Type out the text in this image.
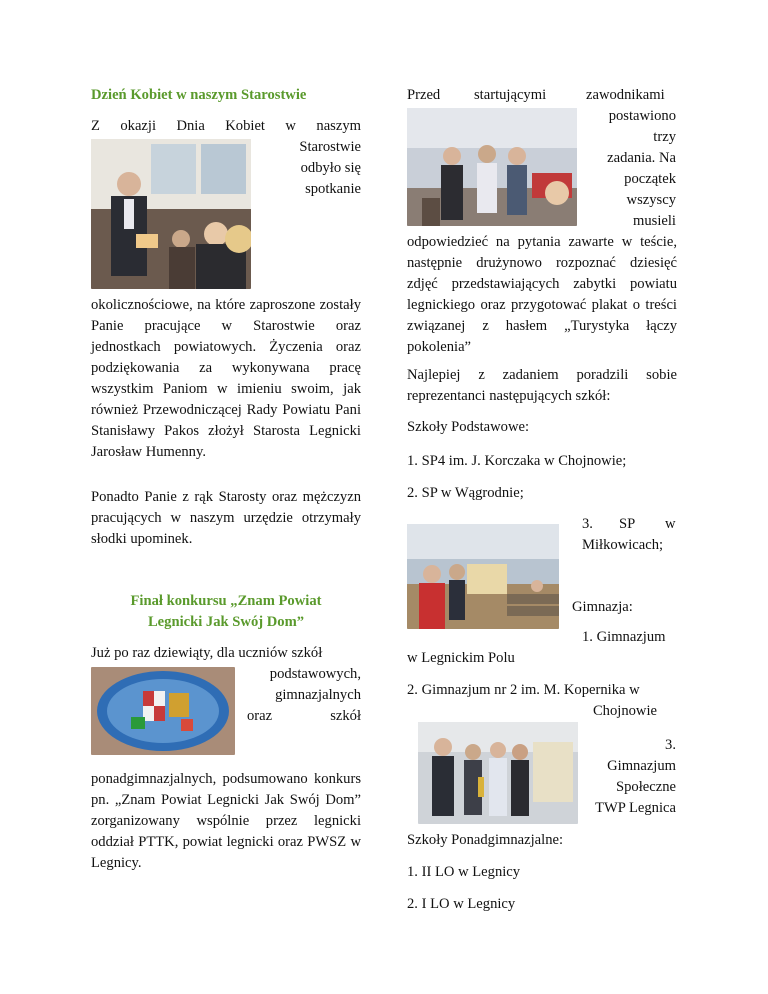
Dzień Kobiet w naszym Starostwie
Z okazji Dnia Kobiet w naszym
Starostwie
odbyło się
spotkanie
okolicznościowe, na które zaproszone zostały Panie pracujące w Starostwie oraz jednostkach powiatowych. Życzenia oraz podziękowania za wykonywana pracę wszystkim Paniom w imieniu swoim, jak również Przewodniczącej Rady Powiatu Pani Stanisławy Pakos złożył Starosta Legnicki Jarosław Humenny.
Ponadto Panie z rąk Starosty oraz mężczyzn pracujących w naszym urzędzie otrzymały słodki upominek.
Finał konkursu „Znam Powiat
Legnicki Jak Swój Dom”
Już po raz dziewiąty, dla uczniów szkół
podstawowych,
gimnazjalnych
oraz	szkół
ponadgimnazjalnych, podsumowano konkurs pn. „Znam Powiat Legnicki Jak Swój Dom” zorganizowany wspólnie przez legnicki oddział PTTK, powiat legnicki oraz PWSZ w Legnicy.
Przed startującymi	zawodnikami
postawiono
trzy
zadania. Na
początek
wszyscy
musieli
odpowiedzieć na pytania zawarte w teście, następnie drużynowo rozpoznać dziesięć zdjęć przedstawiających zabytki powiatu legnickiego oraz przygotować plakat o treści związanej z hasłem „Turystyka łączy pokolenia”
Najlepiej z zadaniem poradzili sobie reprezentanci następujących szkół:
Szkoły Podstawowe:
1. SP4 im. J. Korczaka w Chojnowie;
2. SP w Wągrodnie;
3. SP w
Miłkowicach;
Gimnazja:
1. Gimnazjum
w Legnickim Polu
2. Gimnazjum nr 2 im. M. Kopernika w
Chojnowie
3.
Gimnazjum
Społeczne
TWP Legnica
Szkoły Ponadgimnazjalne:
1. II LO w Legnicy
2. I LO w Legnicy
